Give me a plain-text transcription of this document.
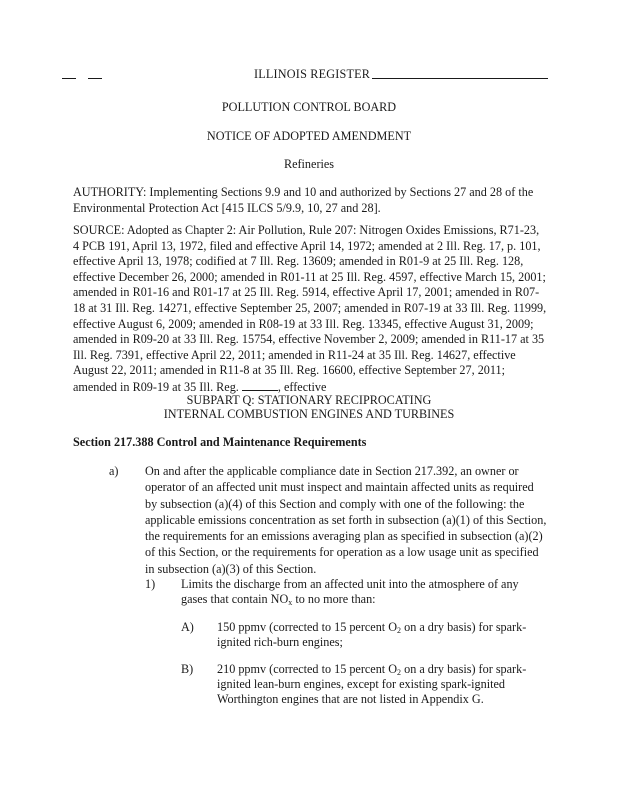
ILLINOIS REGISTER

POLLUTION CONTROL BOARD

NOTICE OF ADOPTED AMENDMENT

Refineries

AUTHORITY: Implementing Sections 9.9 and 10 and authorized by Sections 27 and 28 of the
Environmental Protection Act [415 ILCS 5/9.9, 10, 27 and 28].
SOURCE: Adopted as Chapter 2: Air Pollution, Rule 207: Nitrogen Oxides Emissions, R71-23,
4 PCB 191, April 13, 1972, filed and effective April 14, 1972; amended at 2 Ill. Reg. 17, p. 101,
effective April 13, 1978; codified at 7 Ill. Reg. 13609; amended in R01-9 at 25 Ill. Reg. 128,
effective December 26, 2000; amended in R01-11 at 25 Ill. Reg. 4597, effective March 15, 2001;
amended in R01-16 and R01-17 at 25 Ill. Reg. 5914, effective April 17, 2001; amended in R07-
18 at 31 Ill. Reg. 14271, effective September 25, 2007; amended in R07-19 at 33 Ill. Reg. 11999,
effective August 6, 2009; amended in R08-19 at 33 Ill. Reg. 13345, effective August 31, 2009;
amended in R09-20 at 33 Ill. Reg. 15754, effective November 2, 2009; amended in R11-17 at 35
Ill. Reg. 7391, effective April 22, 2011; amended in R11-24 at 35 Ill. Reg. 14627, effective
August 22, 2011; amended in R11-8 at 35 Ill. Reg. 16600, effective September 27, 2011;
amended in R09-19 at 35 Ill. Reg.	, effective

SUBPART Q: STATIONARY RECIPROCATING

INTERNAL COMBUSTION ENGINES AND TURBINES

Section 217.388 Control and Maintenance Requirements

a) On and after the applicable compliance date in Section 217.392, an owner or
operator of an affected unit must inspect and maintain affected units as required
by subsection (a)(4) of this Section and comply with one of the following: the
applicable emissions concentration as set forth in subsection (a)(1) of this Section,
the requirements for an emissions averaging plan as specified in subsection (a)(2)
of this Section, or the requirements for operation as a low usage unit as specified
in subsection (a)(3) of this Section.
1) Limits the discharge from an affected unit into the atmosphere of any
gases that contain $NO_x$ to no more than:
A) 150 ppmv (corrected to 15 percent $O_2$ on a dry basis) for spark-
ignited rich-burn engines;
B) 210 ppmv (corrected to 15 percent $O_2$ on a dry basis) for spark-
ignited lean-burn engines, except for existing spark-ignited
Worthington engines that are not listed in Appendix G.
